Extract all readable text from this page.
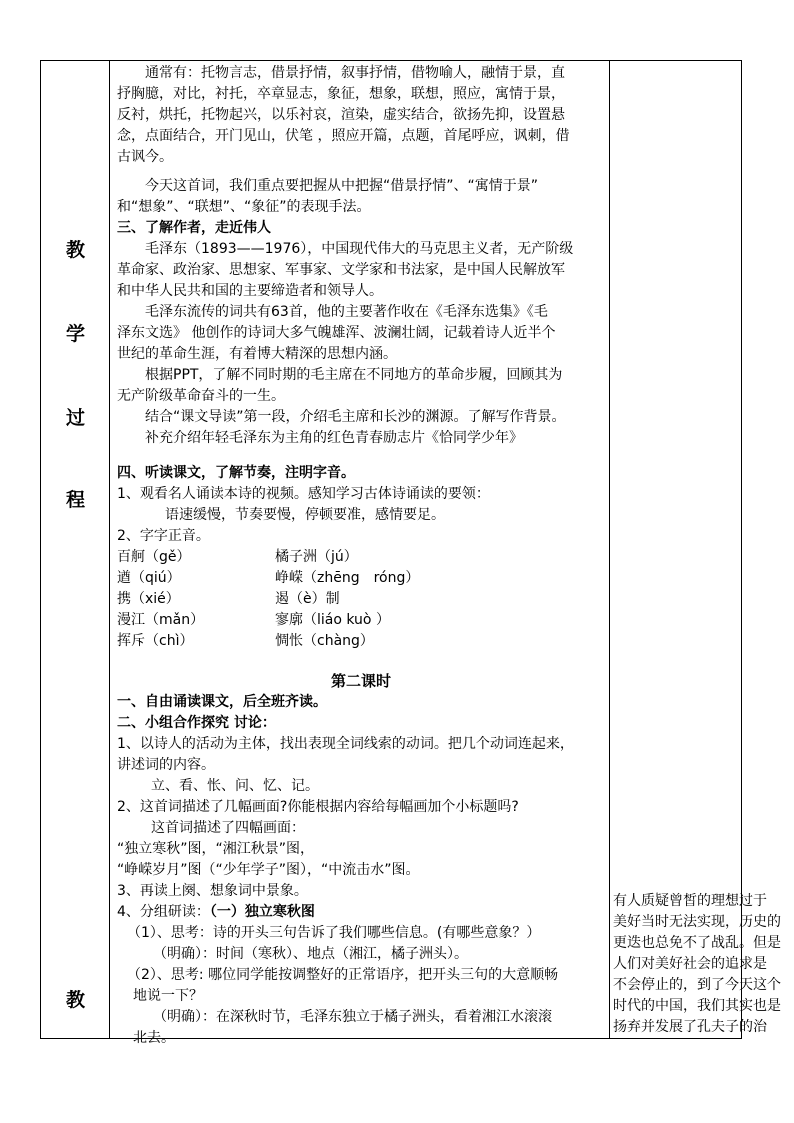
教
学
过
程
教
通常有：托物言志，借景抒情，叙事抒情，借物喻人，融情于景，直
抒胸臆，对比，衬托，卒章显志，象征，想象，联想，照应，寓情于景，
反衬，烘托，托物起兴，以乐衬哀，渲染，虚实结合，欲扬先抑，设置悬
念，点面结合，开门见山，伏笔 ，照应开篇，点题，首尾呼应，讽刺，借
古讽今。
今天这首词，我们重点要把握从中把握“借景抒情”、“寓情于景”
和“想象”、“联想”、“象征”的表现手法。
三、了解作者，走近伟人
毛泽东（1893——1976），中国现代伟大的马克思主义者，无产阶级
革命家、政治家、思想家、军事家、文学家和书法家，是中国人民解放军
和中华人民共和国的主要缔造者和领导人。
毛泽东流传的词共有63首，他的主要著作收在《毛泽东选集》《毛
泽东文选》 他创作的诗词大多气魄雄浑、波澜壮阔，记载着诗人近半个
世纪的革命生涯，有着博大精深的思想内涵。
根据PPT，了解不同时期的毛主席在不同地方的革命步履，回顾其为
无产阶级革命奋斗的一生。
结合“课文导读”第一段，介绍毛主席和长沙的渊源。了解写作背景。
补充介绍年轻毛泽东为主角的红色青春励志片《恰同学少年》
四、听读课文，了解节奏，注明字音。
1、观看名人诵读本诗的视频。感知学习古体诗诵读的要领：
语速缓慢，节奏要慢，停顿要准，感情要足。
2、字字正音。
百舸（gě）	橘子洲（jú）
遒（qiú）	峥嵘（zhēng　róng）
携（xié）	遏（è）制
漫江（mǎn）	寥廓（liáo kuò ）
挥斥（chì）	惆怅（chàng）
第二课时
一、自由诵读课文，后全班齐读。
二、小组合作探究 讨论：
1、以诗人的活动为主体，找出表现全词线索的动词。把几个动词连起来，
讲述词的内容。
立、看、怅、问、忆、记。
2、这首词描述了几幅画面?你能根据内容给每幅画加个小标题吗?
这首词描述了四幅画面：
“独立寒秋”图，“湘江秋景”图，
“峥嵘岁月”图（“少年学子”图），“中流击水”图。
3、再读上阕、想象词中景象。
4、分组研读：（一）独立寒秋图
（1）、思考：诗的开头三句告诉了我们哪些信息。(有哪些意象？）
（明确）：时间（寒秋）、地点（湘江，橘子洲头）。
（2）、思考: 哪位同学能按调整好的正常语序，把开头三句的大意顺畅
地说一下？
（明确）：在深秋时节，毛泽东独立于橘子洲头，看着湘江水滚滚
北去。
有人质疑曾皙的理想过于
美好当时无法实现，历史的
更迭也总免不了战乱。但是
人们对美好社会的追求是
不会停止的，到了今天这个
时代的中国，我们其实也是
扬弃并发展了孔夫子的治
